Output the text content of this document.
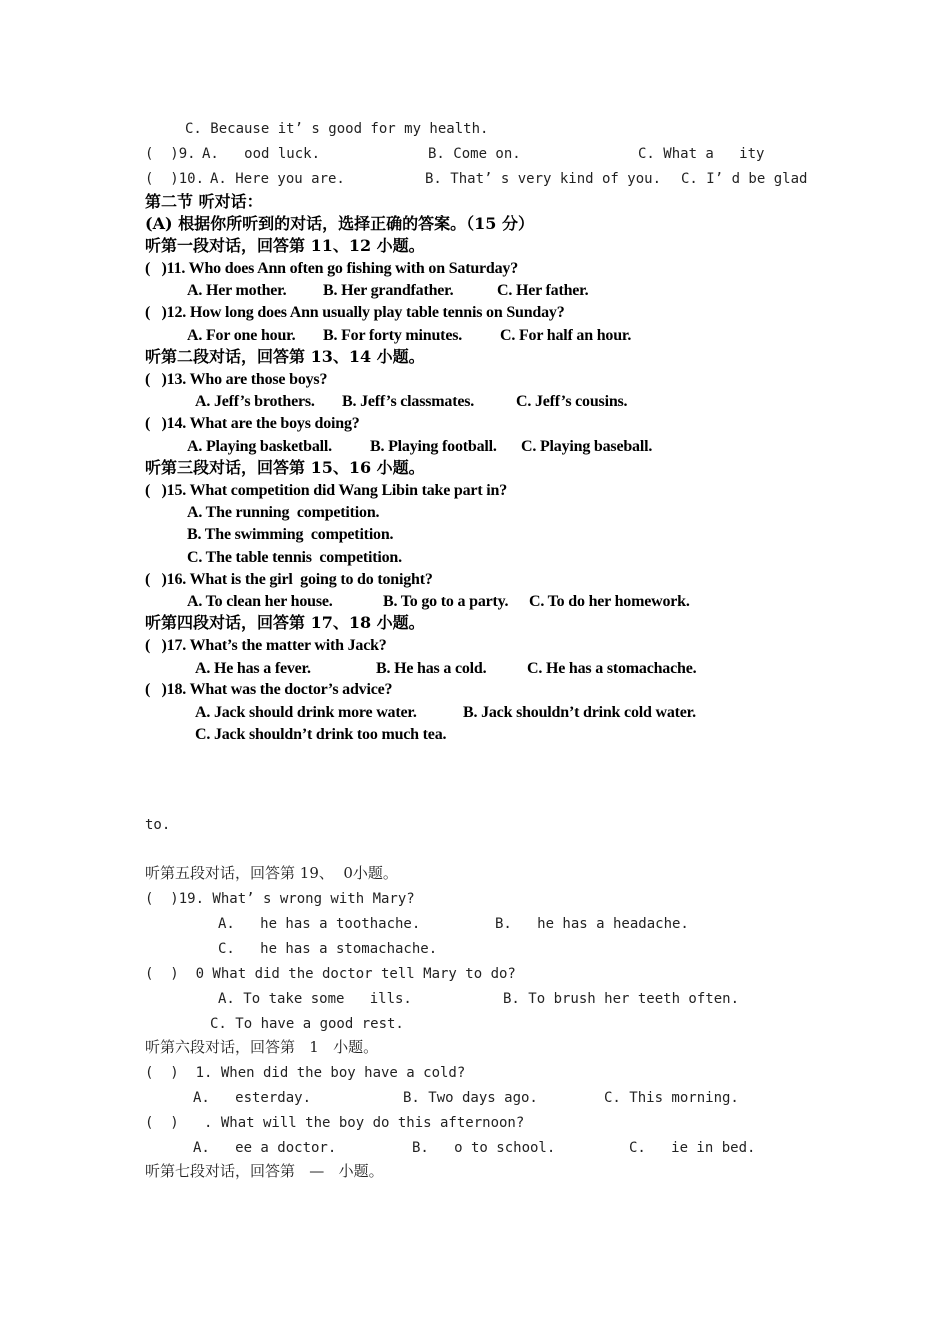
C. Because it’ s good for my health.
(  )9. A.   ood luck.	B. Come on.	C. What a   ity
(  )10. A. Here you are.	B. That’ s very kind of you. C. I’ d be glad
第二节 听对话：
(A) 根据你所听到的对话，选择正确的答案。（15 分）
听第一段对话，回答第 11、12 小题。
(   )11. Who does Ann often go fishing with on Saturday?
A. Her mother. B. Her grandfather.	C. Her father.
(   )12. How long does Ann usually play table tennis on Sunday?
A. For one hour. B. For forty minutes. C. For half an hour.
听第二段对话，回答第 13、14 小题。
(   )13. Who are those boys?
A. Jeff’s brothers. B. Jeff’s classmates.	C. Jeff’s cousins.
(   )14. What are the boys doing?
A. Playing basketball. B. Playing football. C. Playing baseball.
听第三段对话，回答第 15、16 小题。
(   )15. What competition did Wang Libin take part in?
A. The running  competition.
B. The swimming  competition.
C. The table tennis  competition.
(   )16. What is the girl  going to do tonight?
A. To clean her house.	B. To go to a party. C. To do her homework.
听第四段对话，回答第 17、18 小题。
(   )17. What’s the matter with Jack?
A. He has a fever.	B. He has a cold.	C. He has a stomachache.
(   )18. What was the doctor’s advice?
A. Jack should drink more water.	B. Jack shouldn’t drink cold water.
C. Jack shouldn’t drink too much tea.
to.
听第五段对话，回答第 19、  0小题。
(  )19. What’ s wrong with Mary?
A.   he has a toothache.	B.   he has a headache.
C.   he has a stomachache.
(  )  0 What did the doctor tell Mary to do?
A. To take some   ills.	B. To brush her teeth often.
C. To have a good rest.
听第六段对话，回答第   1   小题。
(  )  1. When did the boy have a cold?
A.   esterday.	B. Two days ago.	C. This morning.
(  )   . What will the boy do this afternoon?
A.   ee a doctor.	B.   o to school.	C.   ie in bed.
听第七段对话，回答第   —   小题。
